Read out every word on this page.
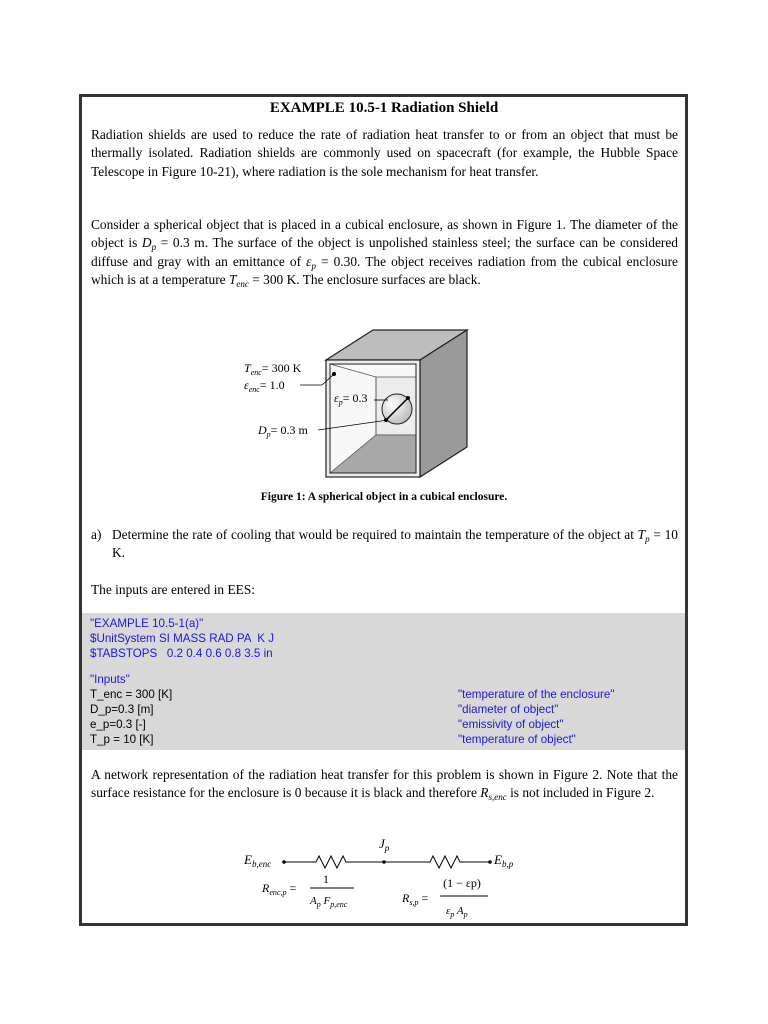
EXAMPLE 10.5-1 Radiation Shield
Radiation shields are used to reduce the rate of radiation heat transfer to or from an object that must be thermally isolated. Radiation shields are commonly used on spacecraft (for example, the Hubble Space Telescope in Figure 10-21), where radiation is the sole mechanism for heat transfer.
Consider a spherical object that is placed in a cubical enclosure, as shown in Figure 1. The diameter of the object is $D_p = 0.3$ m. The surface of the object is unpolished stainless steel; the surface can be considered diffuse and gray with an emittance of $\varepsilon_p = 0.30$. The object receives radiation from the cubical enclosure which is at a temperature $T_{enc} = 300$ K. The enclosure surfaces are black.
$T_{enc}= 300$ K
$\varepsilon_{enc}= 1.0$
$\varepsilon_p= 0.3$
$D_p= 0.3$ m
Figure 1: A spherical object in a cubical enclosure.
a) Determine the rate of cooling that would be required to maintain the temperature of the object at $T_p = 10$ K.
The inputs are entered in EES:
"EXAMPLE 10.5-1(a)"
$UnitSystem SI MASS RAD PA  K J
$TABSTOPS   0.2 0.4 0.6 0.8 3.5 in
"Inputs"
T_enc = 300 [K]	"temperature of the enclosure"
D_p=0.3 [m]	"diameter of object"
e_p=0.3 [-]	"emissivity of object"
T_p = 10 [K]	"temperature of object"
A network representation of the radiation heat transfer for this problem is shown in Figure 2. Note that the surface resistance for the enclosure is 0 because it is black and therefore $R_{s,enc}$ is not included in Figure 2.
$E_{b,enc}$
$J_p$
$E_{b,p}$
$R_{enc,p}$ =
1
$A_p$ $F_{p,enc}$	$R_{s,p}$ =
(1 − εp)
$\varepsilon_p$ $A_p$
